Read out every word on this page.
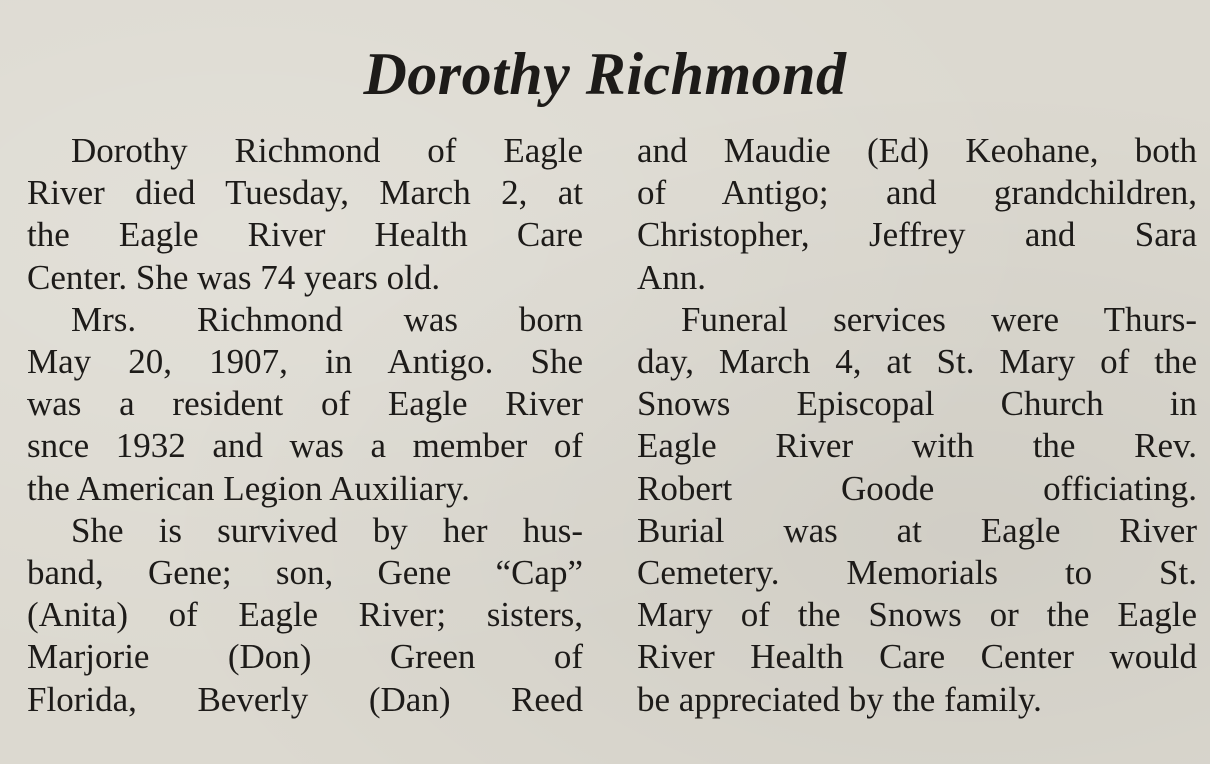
Dorothy Richmond
Dorothy Richmond of Eagle
River died Tuesday, March 2, at
the Eagle River Health Care
Center. She was 74 years old.
Mrs. Richmond was born
May 20, 1907, in Antigo. She
was a resident of Eagle River
snce 1932 and was a member of
the American Legion Auxiliary.
She is survived by her hus-
band, Gene; son, Gene “Cap”
(Anita) of Eagle River; sisters,
Marjorie (Don) Green of
Florida, Beverly (Dan) Reed
and Maudie (Ed) Keohane, both
of Antigo; and grandchildren,
Christopher, Jeffrey and Sara
Ann.
Funeral services were Thurs-
day, March 4, at St. Mary of the
Snows Episcopal Church in
Eagle River with the Rev.
Robert Goode officiating.
Burial was at Eagle River
Cemetery. Memorials to St.
Mary of the Snows or the Eagle
River Health Care Center would
be appreciated by the family.
